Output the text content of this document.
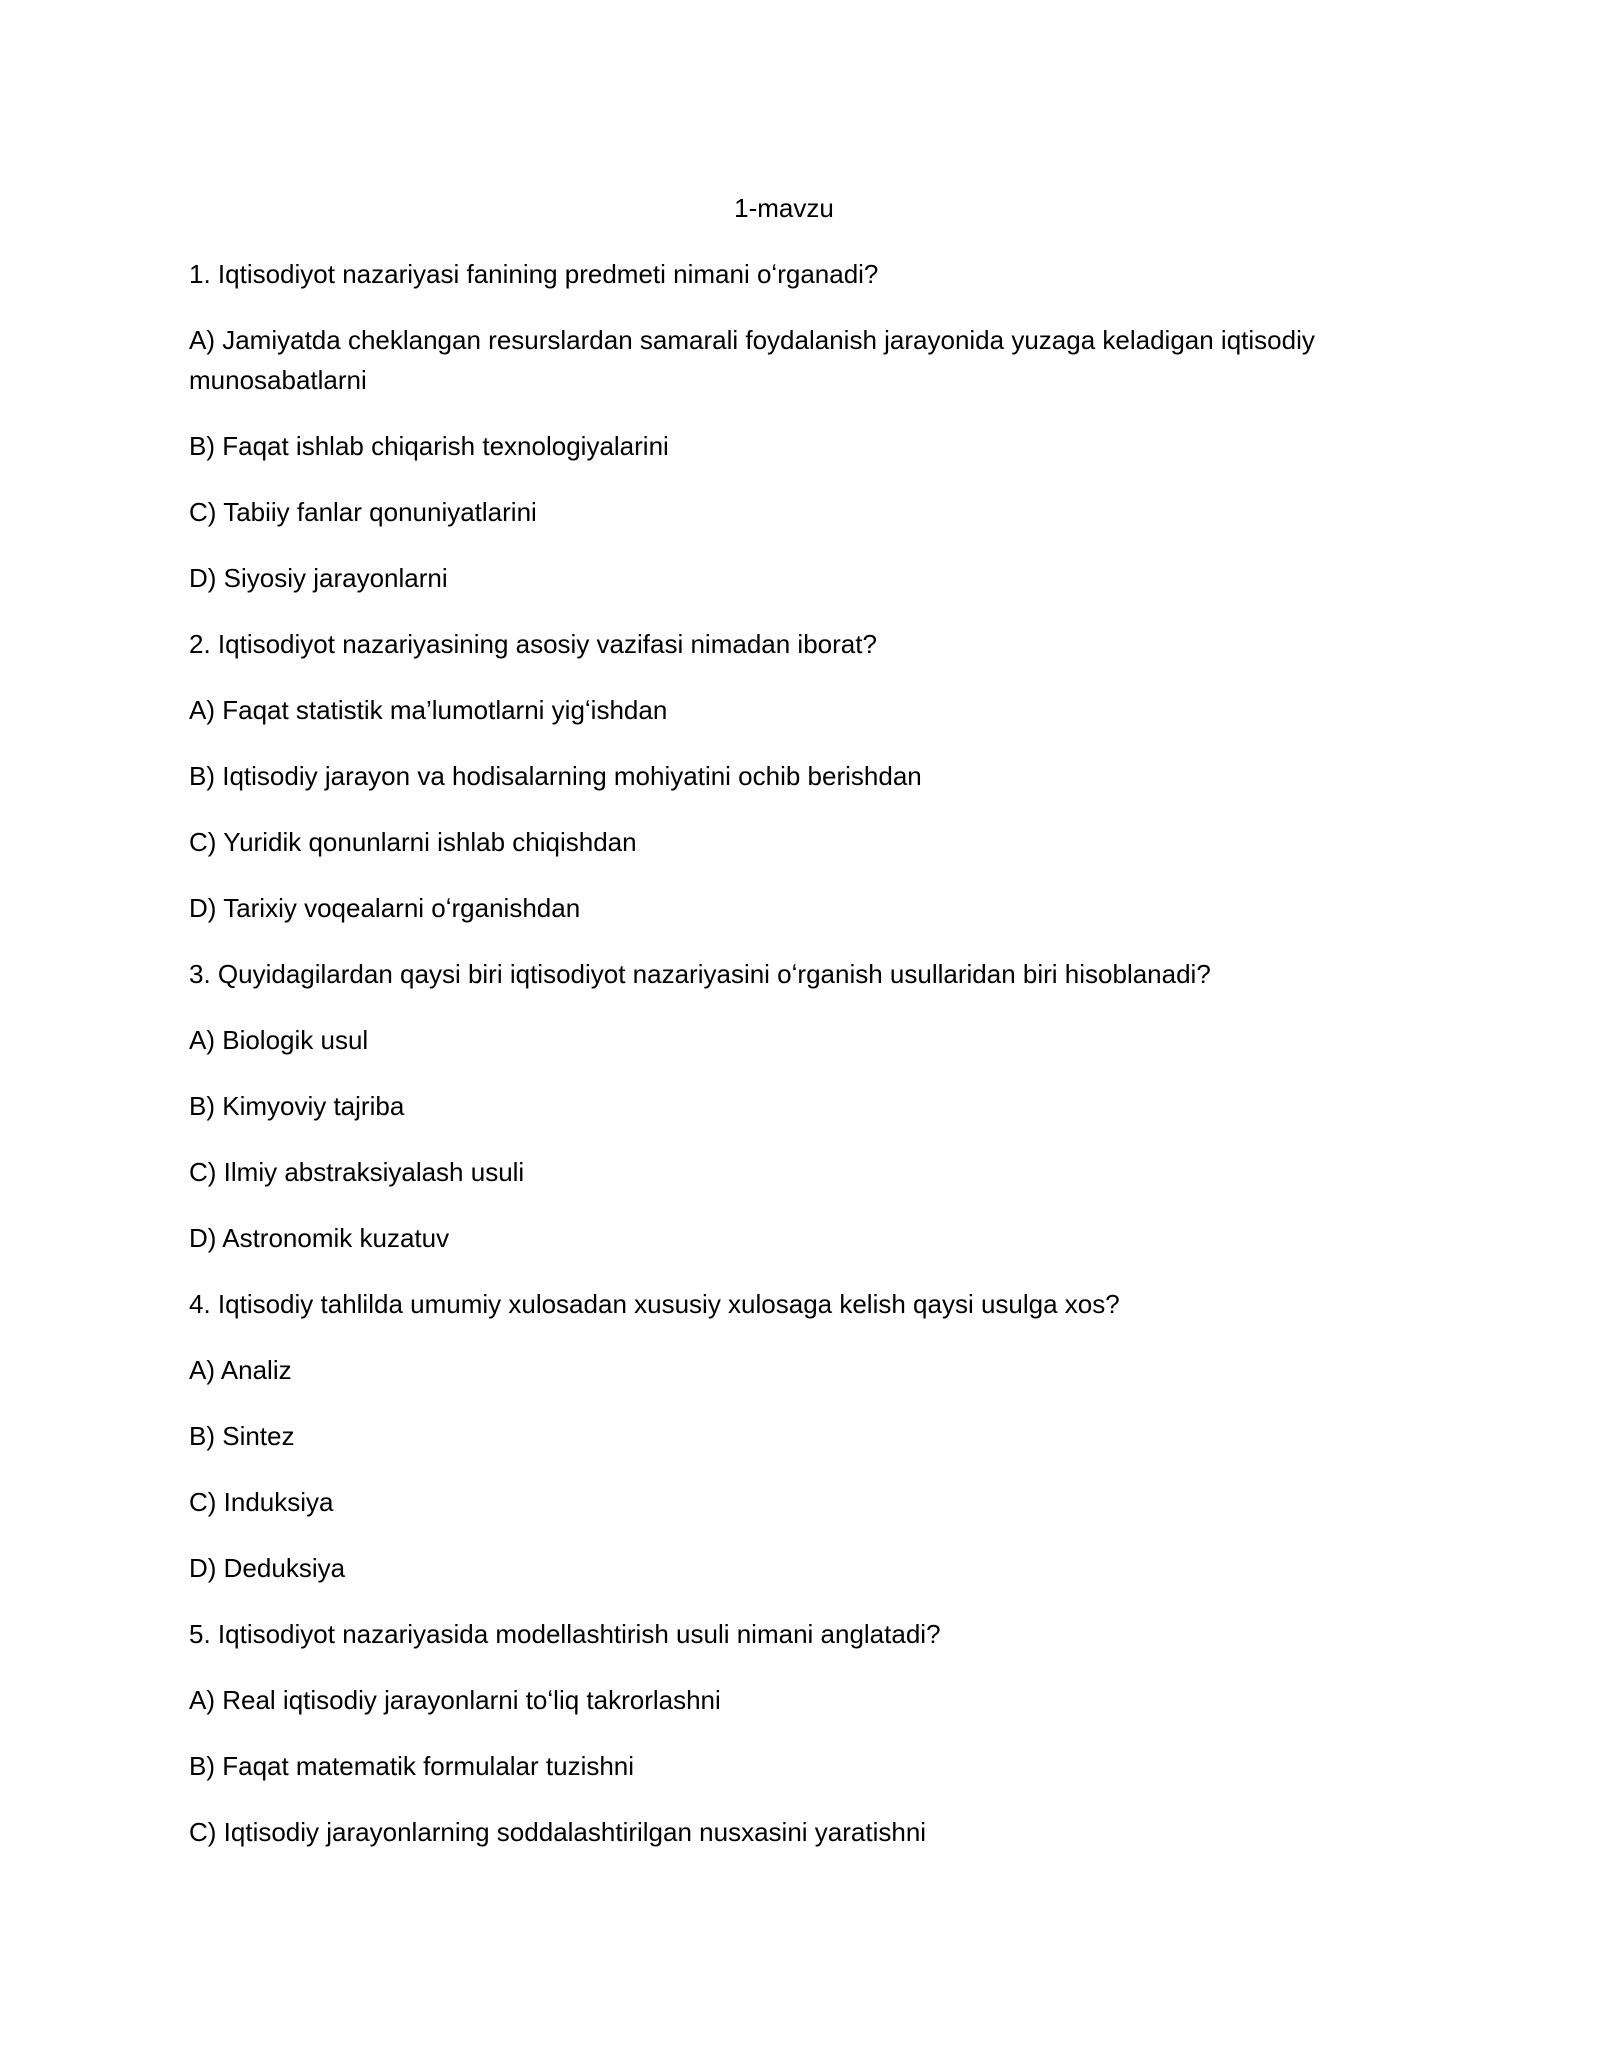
1-mavzu
1. Iqtisodiyot nazariyasi fanining predmeti nimani oʻrganadi?
A) Jamiyatda cheklangan resurslardan samarali foydalanish jarayonida yuzaga keladigan iqtisodiy munosabatlarni
B) Faqat ishlab chiqarish texnologiyalarini
C) Tabiiy fanlar qonuniyatlarini
D) Siyosiy jarayonlarni
2. Iqtisodiyot nazariyasining asosiy vazifasi nimadan iborat?
A) Faqat statistik ma’lumotlarni yigʻishdan
B) Iqtisodiy jarayon va hodisalarning mohiyatini ochib berishdan
C) Yuridik qonunlarni ishlab chiqishdan
D) Tarixiy voqealarni oʻrganishdan
3. Quyidagilardan qaysi biri iqtisodiyot nazariyasini oʻrganish usullaridan biri hisoblanadi?
A) Biologik usul
B) Kimyoviy tajriba
C) Ilmiy abstraksiyalash usuli
D) Astronomik kuzatuv
4. Iqtisodiy tahlilda umumiy xulosadan xususiy xulosaga kelish qaysi usulga xos?
A) Analiz
B) Sintez
C) Induksiya
D) Deduksiya
5. Iqtisodiyot nazariyasida modellashtirish usuli nimani anglatadi?
A) Real iqtisodiy jarayonlarni toʻliq takrorlashni
B) Faqat matematik formulalar tuzishni
C) Iqtisodiy jarayonlarning soddalashtirilgan nusxasini yaratishni
